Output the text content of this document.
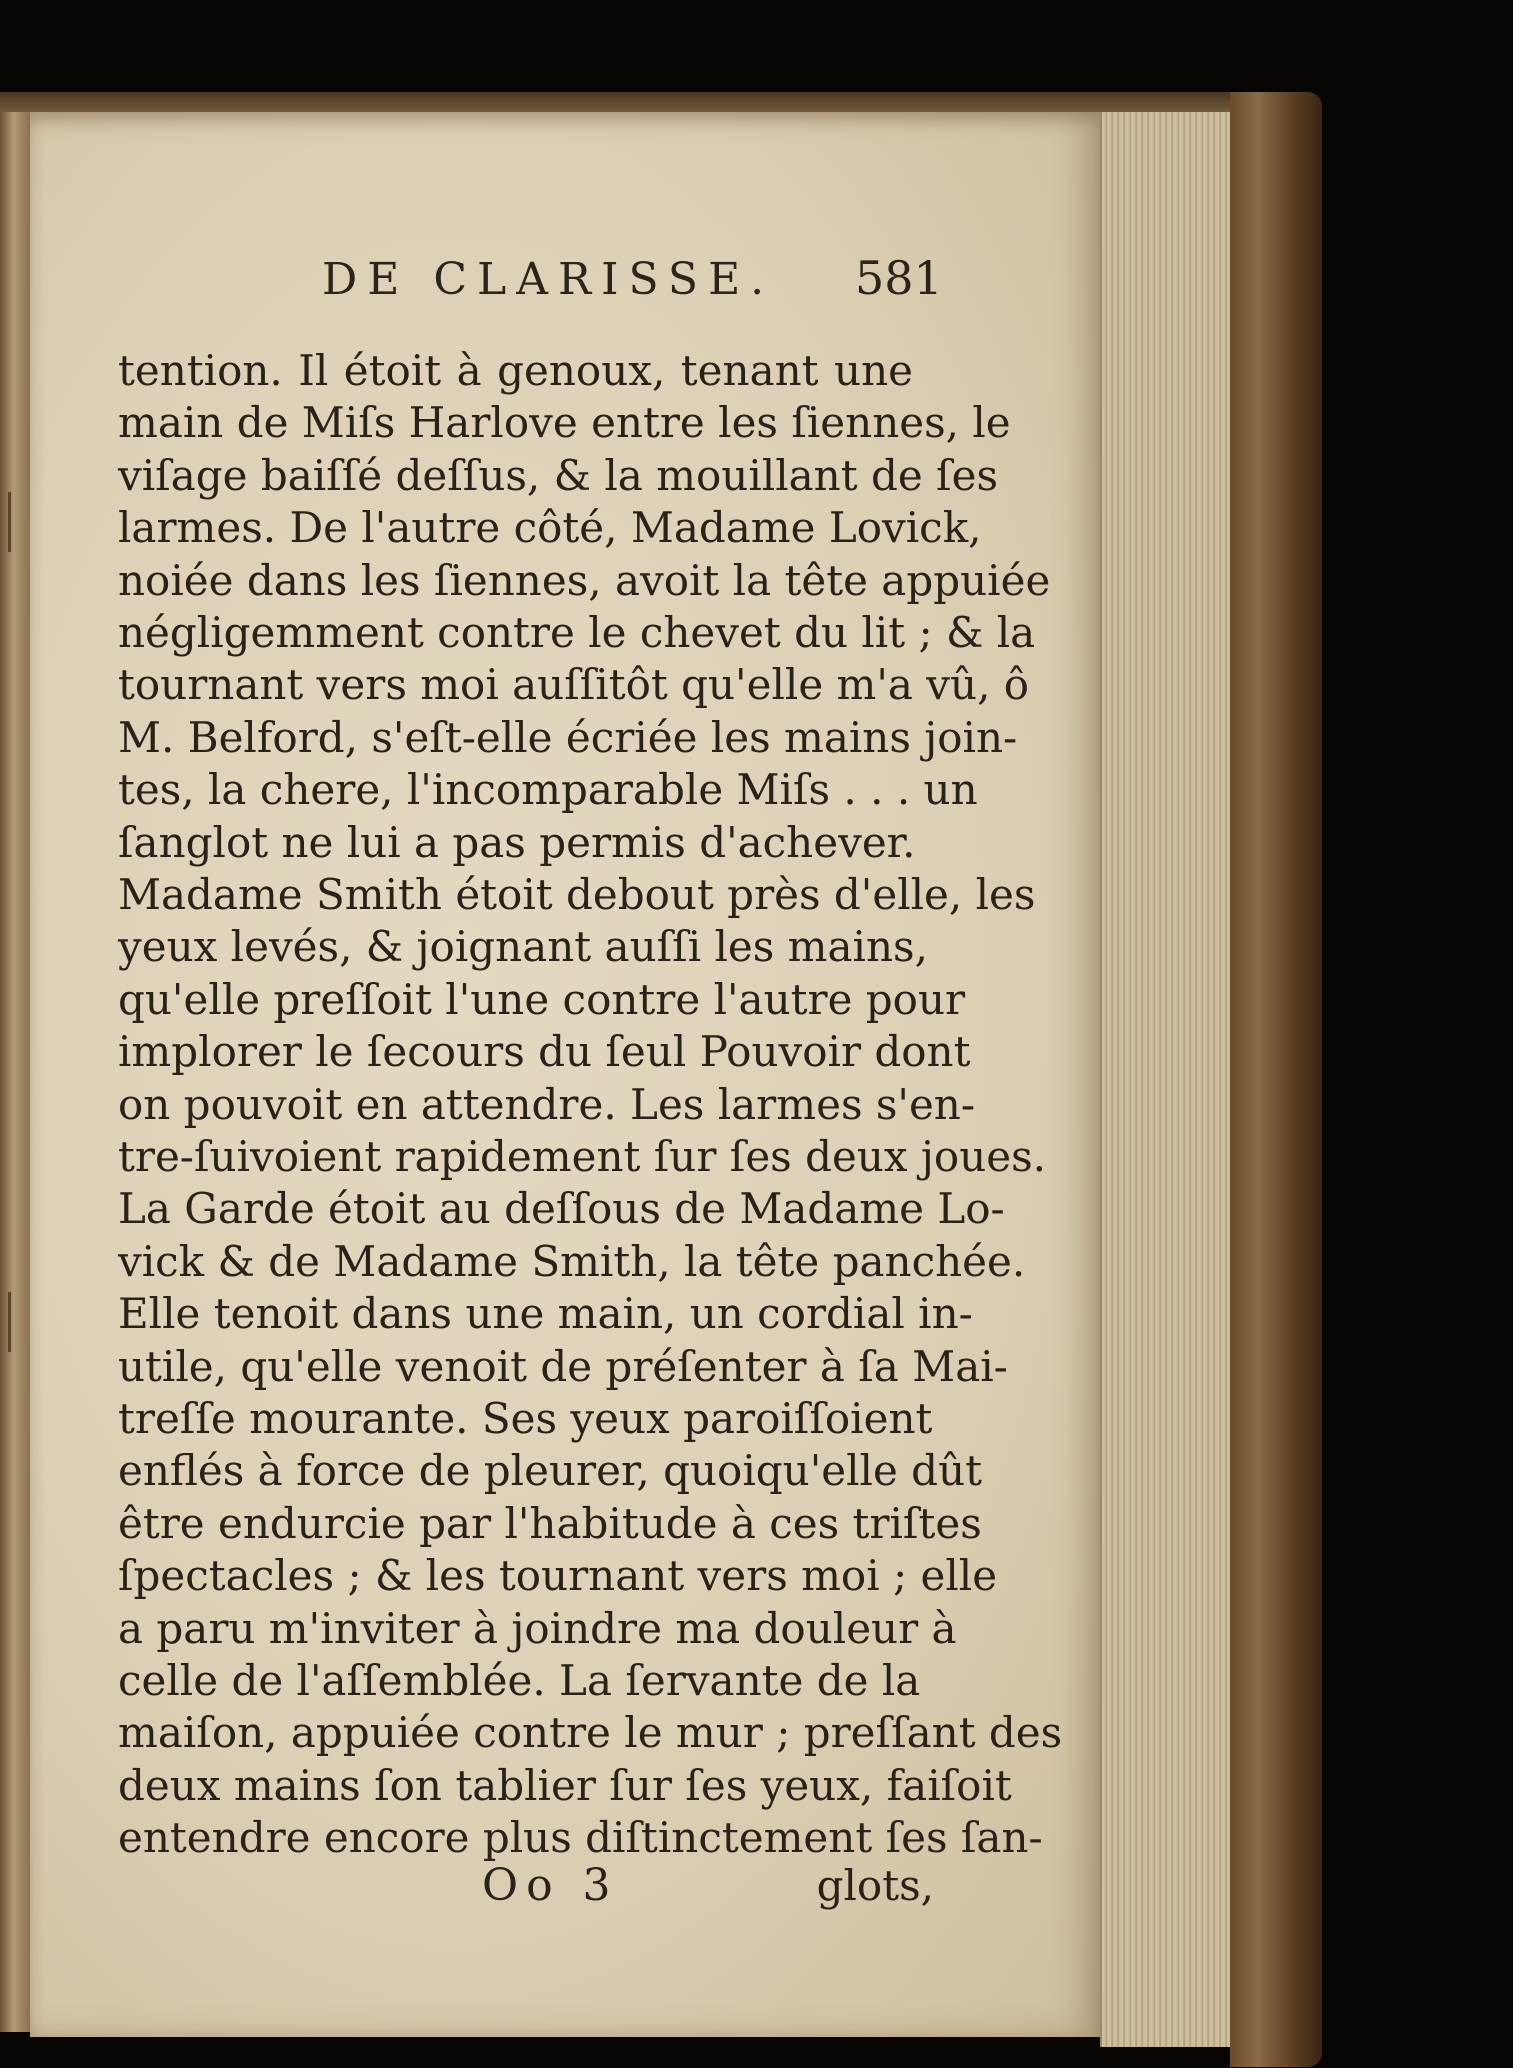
DE CLARISSE. 581
tention. Il étoit à genoux, tenant une
main de Miſs Harlove entre les ſiennes, le
viſage baiſſé deſſus, & la mouillant de ſes
larmes. De l'autre côté, Madame Lovick,
noiée dans les ſiennes, avoit la tête appuiée
négligemment contre le chevet du lit ; & la
tournant vers moi auſſitôt qu'elle m'a vû, ô
M. Belford, s'eſt-elle écriée les mains join-
tes, la chere, l'incomparable Miſs . . . un
ſanglot ne lui a pas permis d'achever.
Madame Smith étoit debout près d'elle, les
yeux levés, & joignant auſſi les mains,
qu'elle preſſoit l'une contre l'autre pour
implorer le ſecours du ſeul Pouvoir dont
on pouvoit en attendre. Les larmes s'en-
tre-ſuivoient rapidement ſur ſes deux joues.
La Garde étoit au deſſous de Madame Lo-
vick & de Madame Smith, la tête panchée.
Elle tenoit dans une main, un cordial in-
utile, qu'elle venoit de préſenter à ſa Mai-
treſſe mourante. Ses yeux paroiſſoient
enflés à force de pleurer, quoiqu'elle dût
être endurcie par l'habitude à ces triſtes
ſpectacles ; & les tournant vers moi ; elle
a paru m'inviter à joindre ma douleur à
celle de l'aſſemblée. La ſervante de la
maiſon, appuiée contre le mur ; preſſant des
deux mains ſon tablier ſur ſes yeux, faiſoit
entendre encore plus diſtinctement ſes ſan-
Oo 3	glots,
